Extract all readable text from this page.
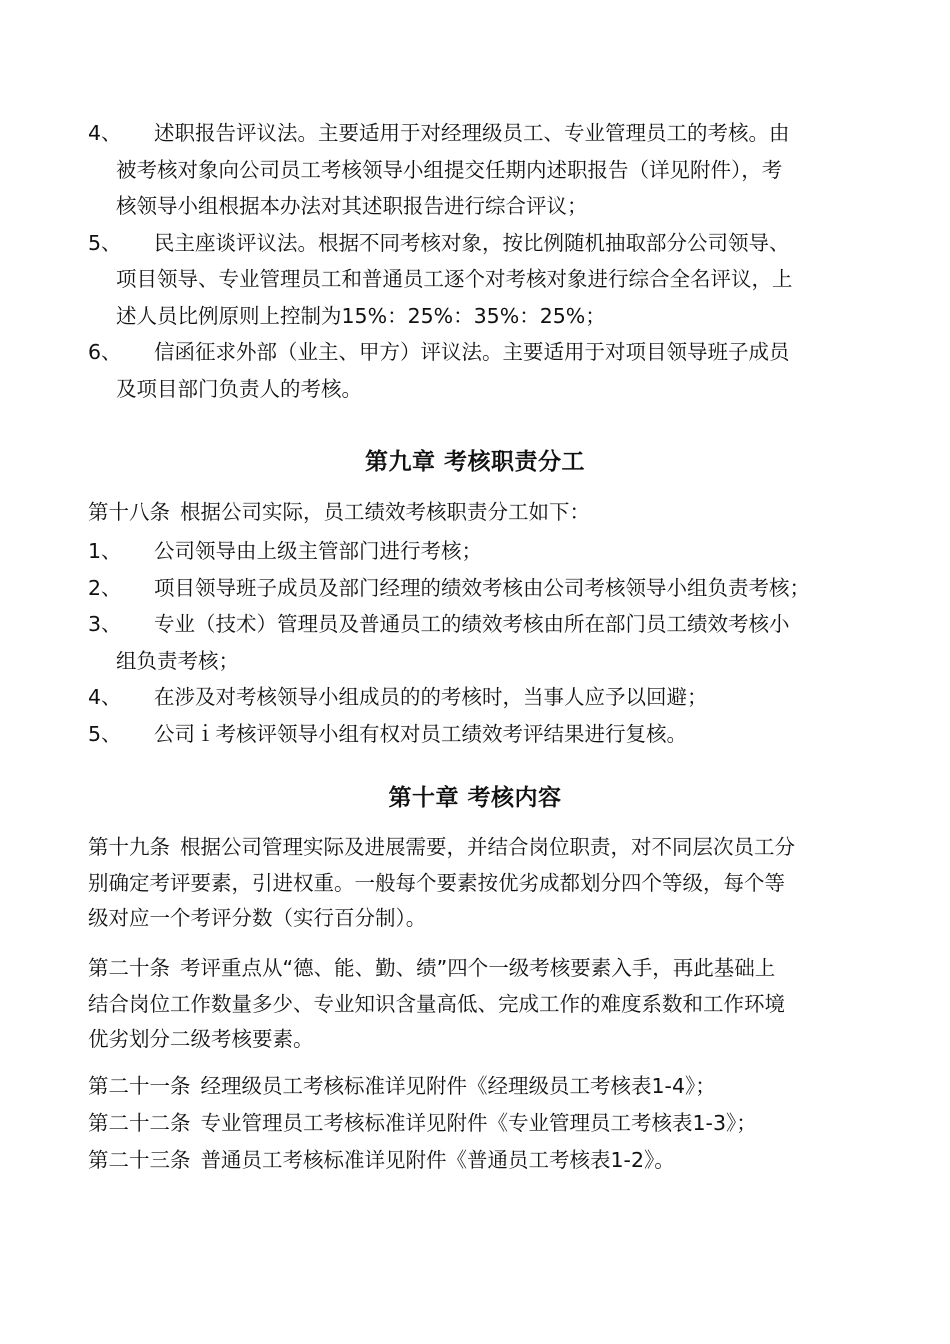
4、	述职报告评议法。主要适用于对经理级员工、专业管理员工的考核。由
被考核对象向公司员工考核领导小组提交任期内述职报告（详见附件），考
核领导小组根据本办法对其述职报告进行综合评议；
5、	民主座谈评议法。根据不同考核对象，按比例随机抽取部分公司领导、
项目领导、专业管理员工和普通员工逐个对考核对象进行综合全名评议，上
述人员比例原则上控制为15%：25%：35%：25%；
6、	信函征求外部（业主、甲方）评议法。主要适用于对项目领导班子成员
及项目部门负责人的考核。
第九章 考核职责分工
第十八条 根据公司实际，员工绩效考核职责分工如下：
1、	公司领导由上级主管部门进行考核；
2、	项目领导班子成员及部门经理的绩效考核由公司考核领导小组负责考核；
3、	专业（技术）管理员及普通员工的绩效考核由所在部门员工绩效考核小
组负责考核；
4、	在涉及对考核领导小组成员的的考核时，当事人应予以回避；
5、	公司ｉ考核评领导小组有权对员工绩效考评结果进行复核。
第十章 考核内容
第十九条 根据公司管理实际及进展需要，并结合岗位职责，对不同层次员工分
别确定考评要素，引进权重。一般每个要素按优劣成都划分四个等级，每个等
级对应一个考评分数（实行百分制）。
第二十条 考评重点从“德、能、勤、绩”四个一级考核要素入手，再此基础上
结合岗位工作数量多少、专业知识含量高低、完成工作的难度系数和工作环境
优劣划分二级考核要素。
第二十一条 经理级员工考核标准详见附件《经理级员工考核表1-4》；
第二十二条 专业管理员工考核标准详见附件《专业管理员工考核表1-3》；
第二十三条 普通员工考核标准详见附件《普通员工考核表1-2》。
